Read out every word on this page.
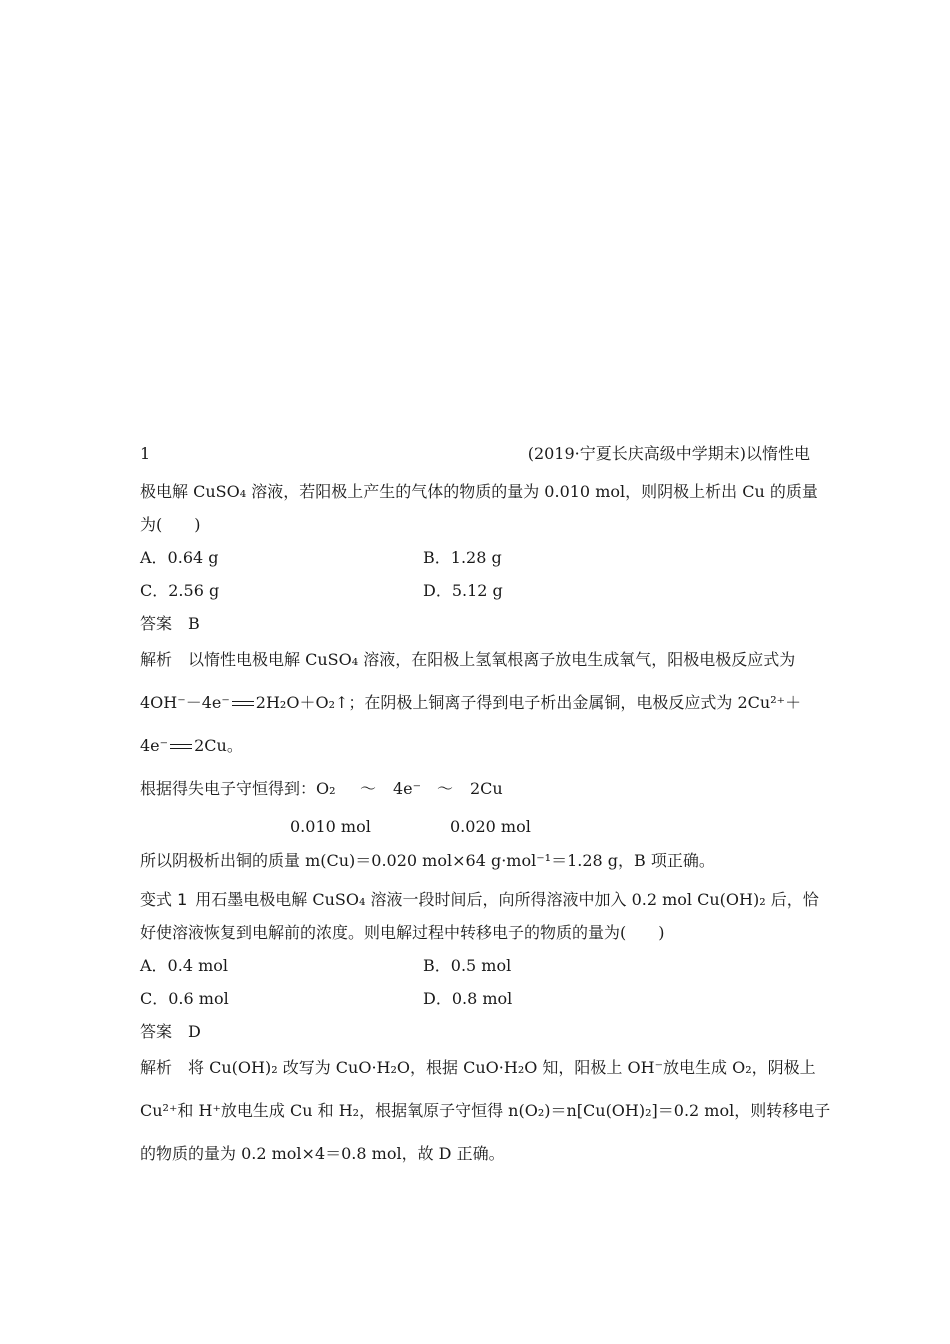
1	(2019·宁夏长庆高级中学期末)以惰性电
极电解 CuSO₄ 溶液，若阳极上产生的气体的物质的量为 0.010 mol，则阴极上析出 Cu 的质量
为(　　)
A．0.64 g	B．1.28 g
C．2.56 g	D．5.12 g
答案 B
解析 以惰性电极电解 CuSO₄ 溶液，在阳极上氢氧根离子放电生成氧气，阳极电极反应式为
4OH⁻－4e⁻ 2H₂O＋O₂↑；在阴极上铜离子得到电子析出金属铜，电极反应式为 2Cu²⁺＋
4e⁻ 2Cu。
根据得失电子守恒得到：O₂ ～ 4e⁻ ～ 2Cu
0.010 mol	0.020 mol
所以阴极析出铜的质量 m(Cu)＝0.020 mol×64 g·mol⁻¹＝1.28 g，B 项正确。
变式 1 用石墨电极电解 CuSO₄ 溶液一段时间后，向所得溶液中加入 0.2 mol Cu(OH)₂ 后，恰
好使溶液恢复到电解前的浓度。则电解过程中转移电子的物质的量为(　　)
A．0.4 mol	B．0.5 mol
C．0.6 mol	D．0.8 mol
答案 D
解析 将 Cu(OH)₂ 改写为 CuO·H₂O，根据 CuO·H₂O 知，阳极上 OH⁻放电生成 O₂，阴极上
Cu²⁺和 H⁺放电生成 Cu 和 H₂，根据氧原子守恒得 n(O₂)＝n[Cu(OH)₂]＝0.2 mol，则转移电子
的物质的量为 0.2 mol×4＝0.8 mol，故 D 正确。
